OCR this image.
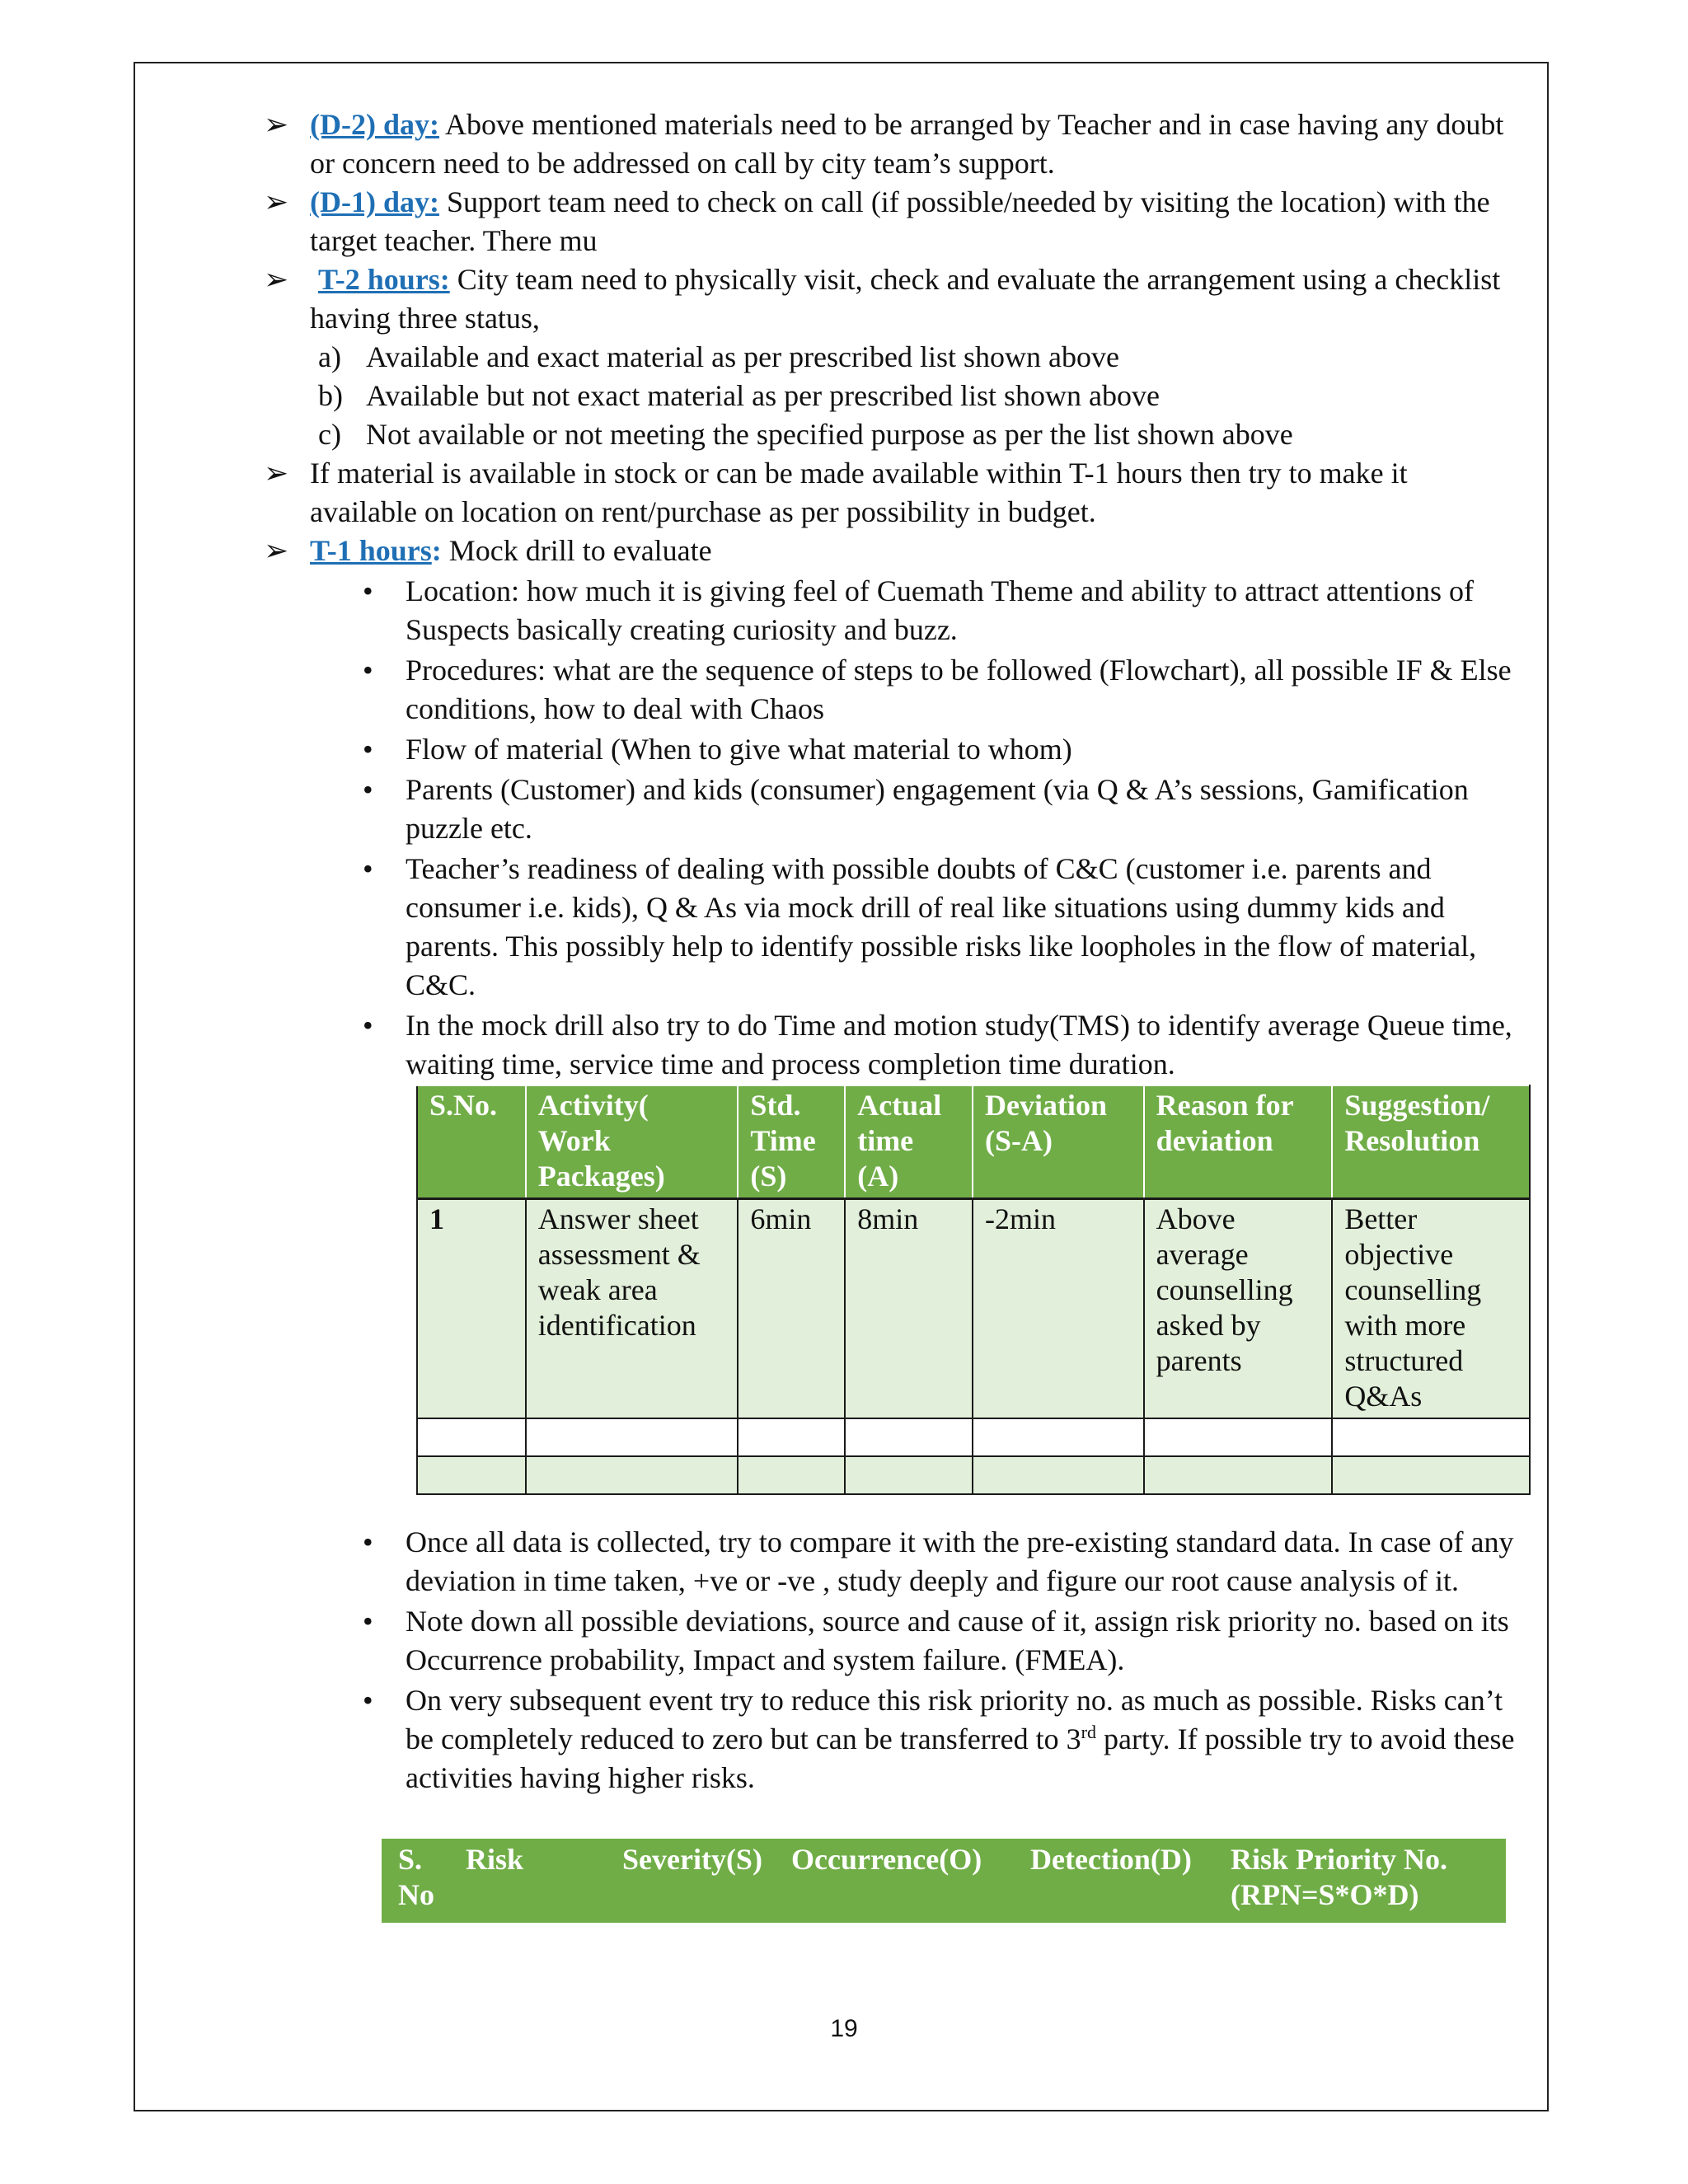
➢ (D-2) day: Above mentioned materials need to be arranged by Teacher and in case having any doubt or concern need to be addressed on call by city team’s support.

➢ (D-1) day: Support team need to check on call (if possible/needed by visiting the location) with the target teacher. There mu

➢ T-2 hours: City team need to physically visit, check and evaluate the arrangement using a checklist having three status,

a) Available and exact material as per prescribed list shown above

b) Available but not exact material as per prescribed list shown above

c) Not available or not meeting the specified purpose as per the list shown above

➢ If material is available in stock or can be made available within T-1 hours then try to make it available on location on rent/purchase as per possibility in budget.

➢ T-1 hours: Mock drill to evaluate

• Location: how much it is giving feel of Cuemath Theme and ability to attract attentions of Suspects basically creating curiosity and buzz.
• Procedures: what are the sequence of steps to be followed (Flowchart), all possible IF & Else conditions, how to deal with Chaos
• Flow of material (When to give what material to whom)
• Parents (Customer) and kids (consumer) engagement (via Q & A’s sessions, Gamification puzzle etc.
• Teacher’s readiness of dealing with possible doubts of C&C (customer i.e. parents and consumer i.e. kids), Q & As via mock drill of real like situations using dummy kids and parents. This possibly help to identify possible risks like loopholes in the flow of material, C&C.
• In the mock drill also try to do Time and motion study(TMS) to identify average Queue time, waiting time, service time and process completion time duration.
S.No.	Activity( Work Packages)	Std. Time (S)	Actual time (A)	Deviation (S-A)	Reason for deviation	Suggestion/ Resolution
1	Answer sheet assessment & weak area identification	6min	8min	-2min	Above average counselling asked by parents	Better objective counselling with more structured Q&As

• Once all data is collected, try to compare it with the pre-existing standard data. In case of any deviation in time taken, +ve or -ve , study deeply and figure our root cause analysis of it.
• Note down all possible deviations, source and cause of it, assign risk priority no. based on its Occurrence probability, Impact and system failure. (FMEA).
• On very subsequent event try to reduce this risk priority no. as much as possible. Risks can’t be completely reduced to zero but can be transferred to 3rd party. If possible try to avoid these activities having higher risks.
S. No	Risk	Severity(S)	Occurrence(O)	Detection(D)	Risk Priority No.(RPN=S*O*D)
19
